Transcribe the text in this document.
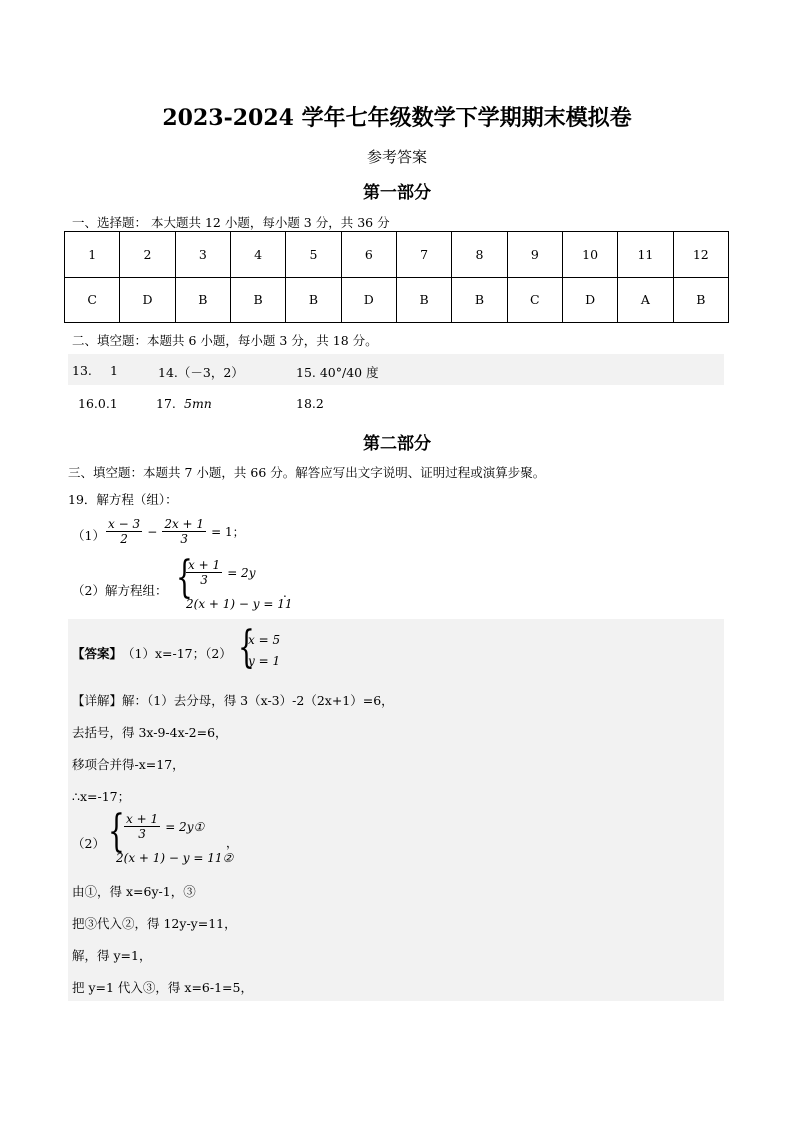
2023-2024 学年七年级数学下学期期末模拟卷
参考答案
第一部分
一、选择题： 本大题共 12 小题，每小题 3 分，共 36 分
1	2	3	4	5	6	7	8	9	10	11	12
C	D	B	B	B	D	B	B	C	D	A	B
二、填空题：本题共 6 小题，每小题 3 分，共 18 分。
13. 1	14.（－3，2）	15. 40°/40 度
16.0.1	17. 5mn	18.2
第二部分
三、填空题：本题共 7 小题，共 66 分。解答应写出文字说明、证明过程或演算步聚。
19．解方程（组）：
$(1) \frac{x - 3}{2} - \frac{2x + 1}{3} = 1$；
（2）解方程组： {
$\frac{x + 1}{3} = 2y$
2(x + 1) − y = 11
.
【答案】 （1）x=-17；（2） {
x = 5
y = 1
【详解】解：（1）去分母，得 3（x-3）-2（2x+1）=6，
去括号，得 3x-9-4x-2=6，
移项合并得-x=17，
∴x=-17；
（2） { $\frac{x + 1}{3}$ = 2y①
2(x + 1) − y = 11②
，
由①，得 x=6y-1，③
把③代入②，得 12y-y=11，
解，得 y=1，
把 y=1 代入③，得 x=6-1=5，
